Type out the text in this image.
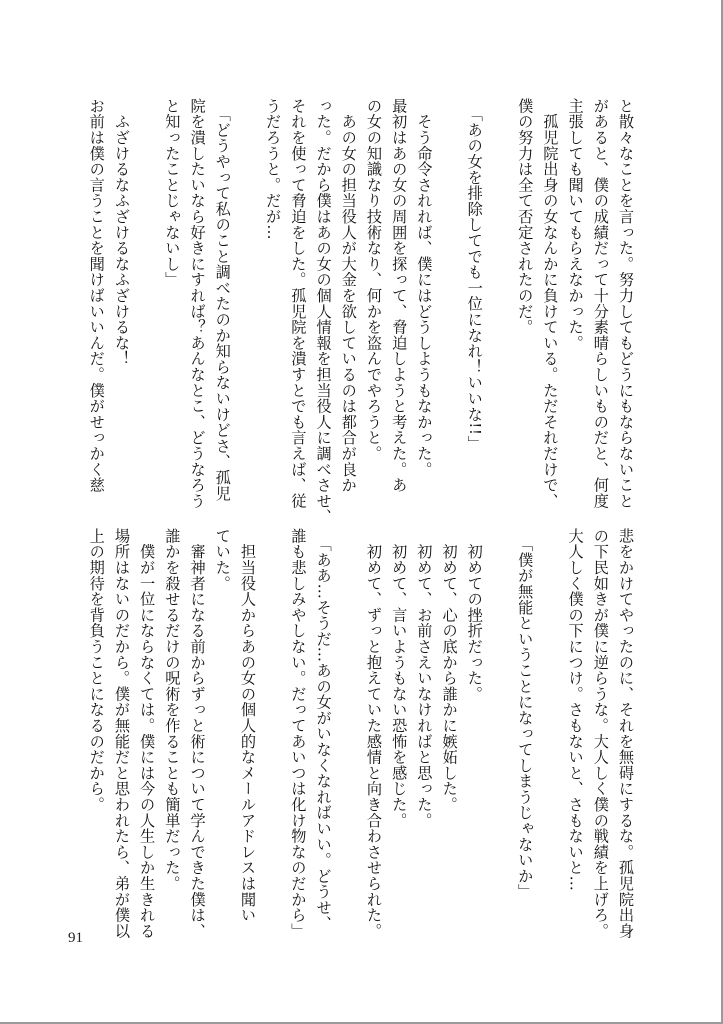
と散々なことを言った。努力してもどうにもならないこと
があると、僕の成績だって十分素晴らしいものだと、何度
主張しても聞いてもらえなかった。
　孤児院出身の女なんかに負けている。ただそれだけで、
僕の努力は全て否定されたのだ。
　「あの女を排除してでも一位になれ！いいな!!」
　そう命令されれば、僕にはどうしようもなかった。
最初はあの女の周囲を探って、脅迫しようと考えた。あ
の女の知識なり技術なり、何かを盗んでやろうと。
　あの女の担当役人が大金を欲しているのは都合が良か
った。だから僕はあの女の個人情報を担当役人に調べさせ、
それを使って脅迫をした。孤児院を潰すとでも言えば、従
うだろうと。だが…
　「どうやって私のこと調べたのか知らないけどさ、孤児
院を潰したいなら好きにすれば？あんなとこ、どうなろう
と知ったことじゃないし」
　ふざけるなふざけるなふざけるな！
お前は僕の言うことを聞けばいいんだ。僕がせっかく慈
悲をかけてやったのに、それを無碍にするな。孤児院出身
の下民如きが僕に逆らうな。大人しく僕の戦績を上げろ。
大人しく僕の下につけ。さもないと、さもないと…
　「僕が無能ということになってしまうじゃないか」
　初めての挫折だった。
　初めて、心の底から誰かに嫉妬した。
　初めて、お前さえいなければと思った。
　初めて、言いようもない恐怖を感じた。
　初めて、ずっと抱えていた感情と向き合わさせられた。
　「ああ…そうだ…あの女がいなくなればいい。どうせ、
誰も悲しみやしない。だってあいつは化け物なのだから」
　担当役人からあの女の個人的なメールアドレスは聞い
ていた。
　審神者になる前からずっと術について学んできた僕は、
誰かを殺せるだけの呪術を作ることも簡単だった。
　僕が一位にならなくては。僕には今の人生しか生きれる
場所はないのだから。僕が無能だと思われたら、弟が僕以
上の期待を背負うことになるのだから。
91
